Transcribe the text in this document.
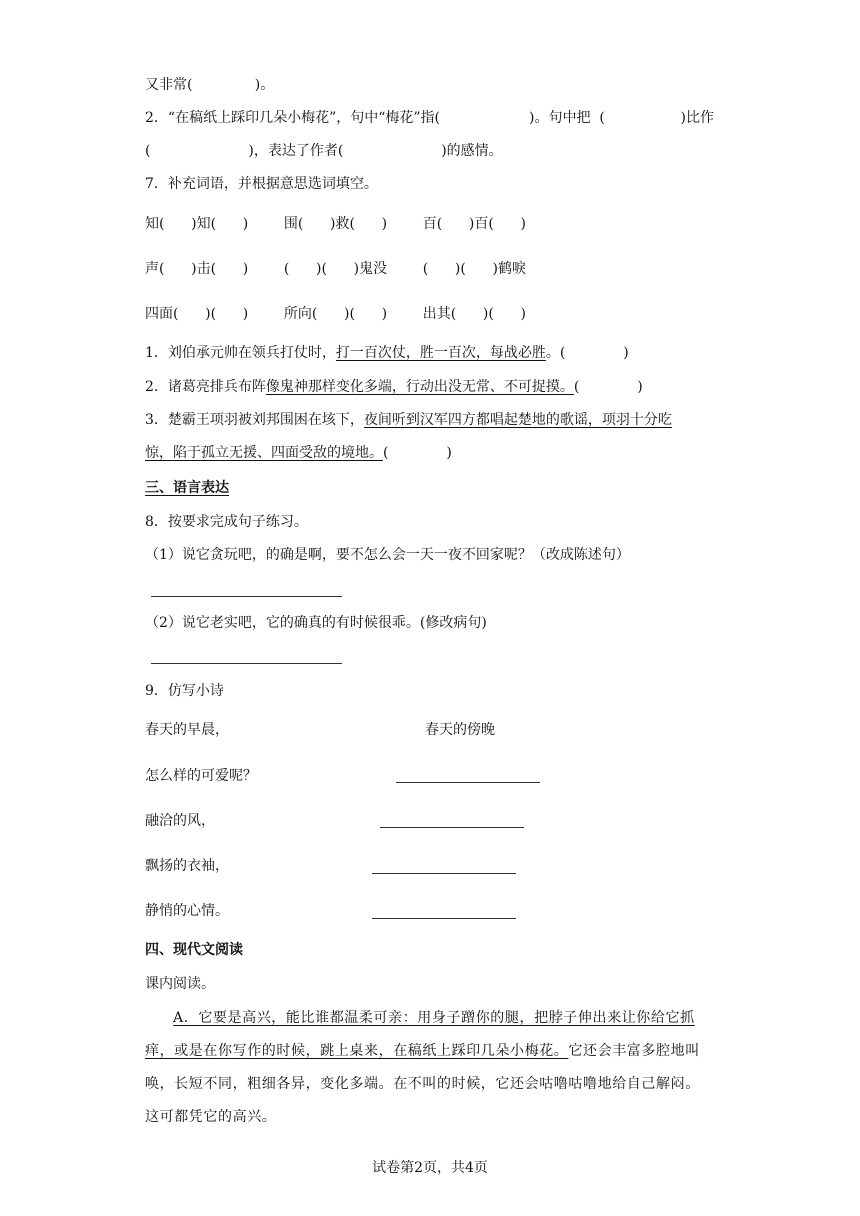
又非常(              )。
2．“在稿纸上踩印几朵小梅花”，句中“梅花”指(                    )。句中把  (                 )比作
(                      )，表达了作者(                      )的感情。
7．补充词语，并根据意思选词填空。
知(      )知(      )        围(      )救(      )        百(      )百(      )
声(      )击(      )        (      )(      )鬼没        (      )(      )鹤唳
四面(      )(      )        所向(      )(      )        出其(      )(      )
1．刘伯承元帅在领兵打仗时，打一百次仗，胜一百次，每战必胜。(             )
2．诸葛亮排兵布阵像鬼神那样变化多端，行动出没无常、不可捉摸。(             )
3．楚霸王项羽被刘邦围困在垓下，夜间听到汉军四方都唱起楚地的歌谣，项羽十分吃
惊，陷于孤立无援、四面受敌的境地。(             )
三、语言表达
8．按要求完成句子练习。
（1）说它贪玩吧，的确是啊，要不怎么会一天一夜不回家呢？（改成陈述句）
（2）说它老实吧，它的确真的有时候很乖。(修改病句)
9．仿写小诗
春天的早晨，	春天的傍晚
怎么样的可爱呢？
融洽的风，
飘扬的衣袖，
静悄的心情。
四、现代文阅读
课内阅读。
A．它要是高兴，能比谁都温柔可亲：用身子蹭你的腿，把脖子伸出来让你给它抓
痒，或是在你写作的时候，跳上桌来，在稿纸上踩印几朵小梅花。它还会丰富多腔地叫
唤，长短不同，粗细各异，变化多端。在不叫的时候，它还会咕噜咕噜地给自己解闷。
这可都凭它的高兴。
试卷第2页，共4页
